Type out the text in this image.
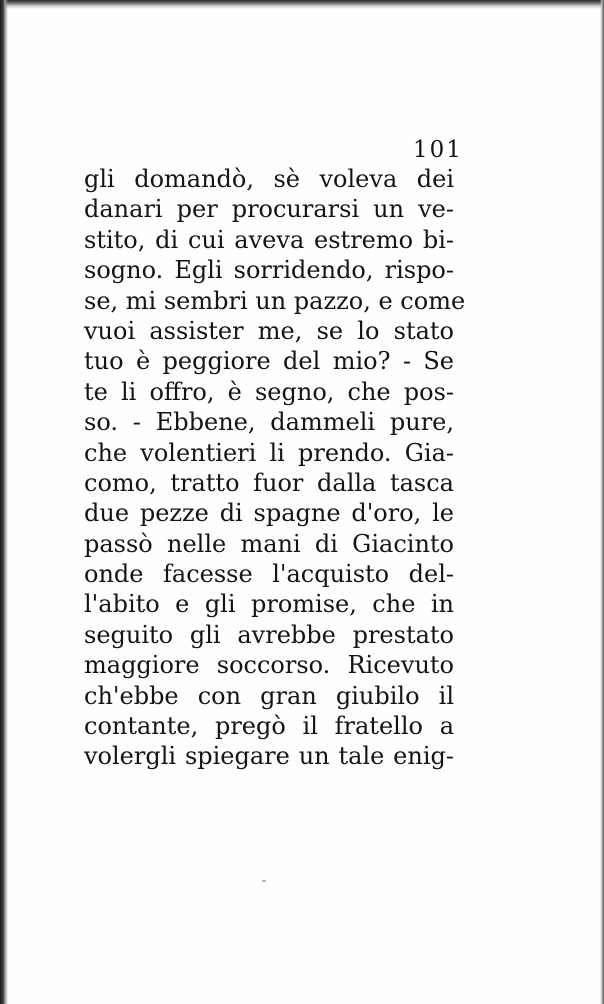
101
gli domandò, sè voleva dei
danari per procurarsi un ve-
stito, di cui aveva estremo bi-
sogno. Egli sorridendo, rispo-
se, mi sembri un pazzo, e come
vuoi assister me, se lo stato
tuo è peggiore del mio? - Se
te li offro, è segno, che pos-
so. - Ebbene, dammeli pure,
che volentieri li prendo. Gia-
como, tratto fuor dalla tasca
due pezze di spagne d'oro, le
passò nelle mani di Giacinto
onde facesse l'acquisto del-
l'abito e gli promise, che in
seguito gli avrebbe prestato
maggiore soccorso. Ricevuto
ch'ebbe con gran giubilo il
contante, pregò il fratello a
volergli spiegare un tale enig-
